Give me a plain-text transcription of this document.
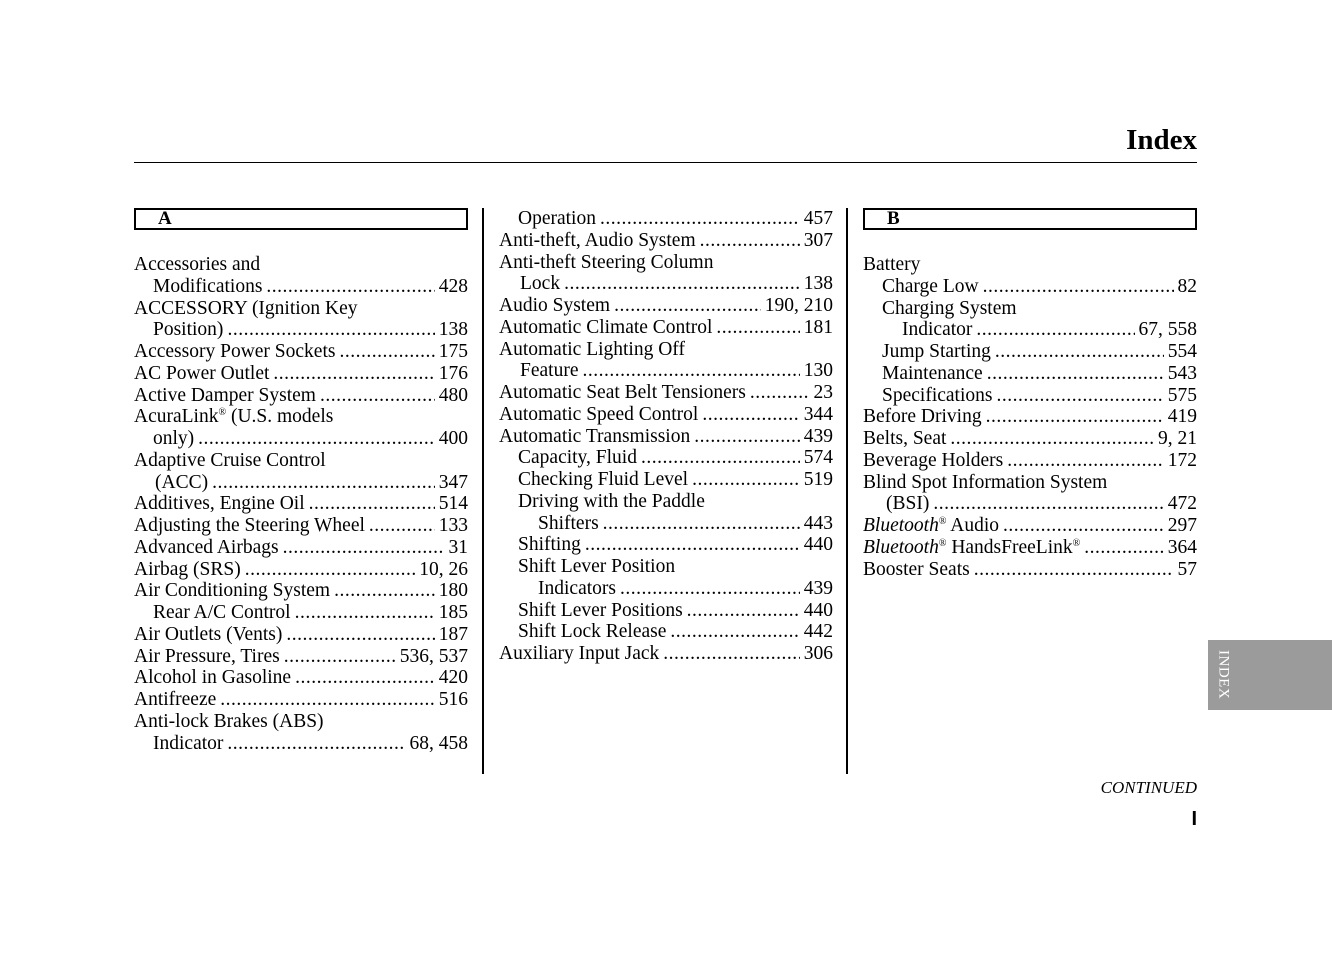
Index
A
Accessories and
Modifications .....	428
ACCESSORY (Ignition Key
Position) .....	138
Accessory Power Sockets .....	175
AC Power Outlet .....	176
Active Damper System .....	480
AcuraLink® (U.S. models
only) .....	400
Adaptive Cruise Control
(ACC) .....	347
Additives, Engine Oil .....	514
Adjusting the Steering Wheel .....	133
Advanced Airbags .....	31
Airbag (SRS) .....	10, 26
Air Conditioning System .....	180
Rear A/C Control .....	185
Air Outlets (Vents) .....	187
Air Pressure, Tires .....	536, 537
Alcohol in Gasoline .....	420
Antifreeze .....	516
Anti-lock Brakes (ABS)
Indicator .....	68, 458
Operation .....	457
Anti-theft, Audio System .....	307
Anti-theft Steering Column
Lock .....	138
Audio System .....	190, 210
Automatic Climate Control .....	181
Automatic Lighting Off
Feature .....	130
Automatic Seat Belt Tensioners .....	23
Automatic Speed Control .....	344
Automatic Transmission .....	439
Capacity, Fluid .....	574
Checking Fluid Level .....	519
Driving with the Paddle
Shifters .....	443
Shifting .....	440
Shift Lever Position
Indicators .....	439
Shift Lever Positions .....	440
Shift Lock Release .....	442
Auxiliary Input Jack .....	306
B
Battery
Charge Low .....	82
Charging System
Indicator .....	67, 558
Jump Starting .....	554
Maintenance .....	543
Specifications .....	575
Before Driving .....	419
Belts, Seat .....	9, 21
Beverage Holders .....	172
Blind Spot Information System
(BSI) .....	472
Bluetooth® Audio .....	297
Bluetooth® HandsFreeLink® .....	364
Booster Seats .....	57
INDEX
CONTINUED
I
